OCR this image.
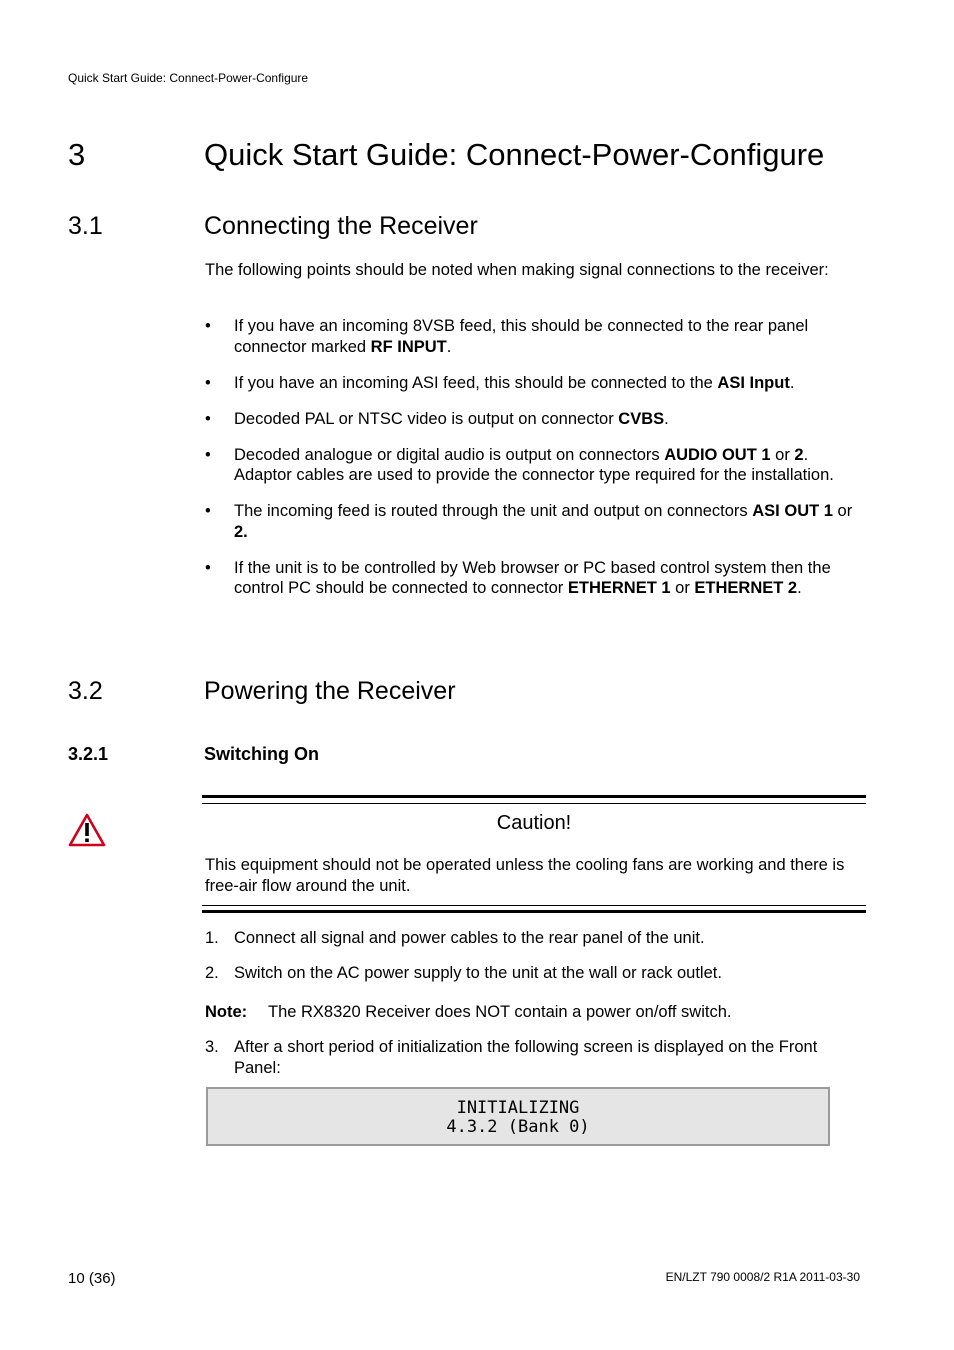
Quick Start Guide: Connect-Power-Configure
3	Quick Start Guide: Connect-Power-Configure
3.1	Connecting the Receiver
The following points should be noted when making signal connections to the receiver:
• If you have an incoming 8VSB feed, this should be connected to the rear panel connector marked RF INPUT.
• If you have an incoming ASI feed, this should be connected to the ASI Input.
• Decoded PAL or NTSC video is output on connector CVBS.
• Decoded analogue or digital audio is output on connectors AUDIO OUT 1 or 2. Adaptor cables are used to provide the connector type required for the installation.
• The incoming feed is routed through the unit and output on connectors ASI OUT 1 or 2.
• If the unit is to be controlled by Web browser or PC based control system then the control PC should be connected to connector ETHERNET 1 or ETHERNET 2.
3.2	Powering the Receiver
3.2.1	Switching On
Caution!
This equipment should not be operated unless the cooling fans are working and there is free-air flow around the unit.
1. Connect all signal and power cables to the rear panel of the unit.
2. Switch on the AC power supply to the unit at the wall or rack outlet.
Note: The RX8320 Receiver does NOT contain a power on/off switch.
3. After a short period of initialization the following screen is displayed on the Front Panel:
INITIALIZING
4.3.2 (Bank 0)
10 (36)	EN/LZT 790 0008/2 R1A 2011-03-30
